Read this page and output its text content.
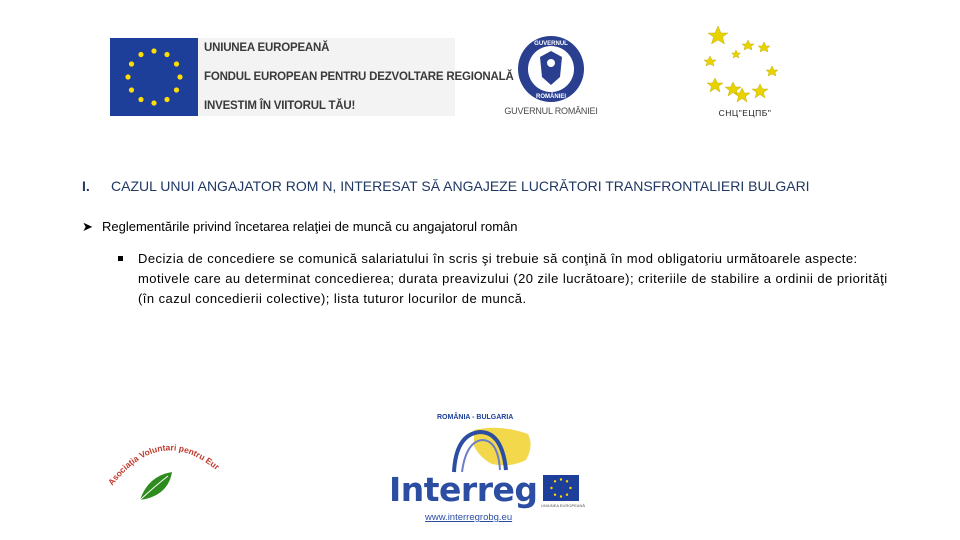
UNIUNEA EUROPEANĂ
FONDUL EUROPEAN PENTRU DEZVOLTARE REGIONALĂ
INVESTIM ÎN VIITORUL TĂU!
GUVERNUL
ROMÂNIEI
GUVERNUL ROMÂNIEI	СНЦ"ЕЦПБ"
I. CAZUL UNUI ANGAJATOR ROM N, INTERESAT SĂ ANGAJEZE LUCRĂTORI TRANSFRONTALIERI BULGARI
➤ Reglementările privind încetarea relaţiei de muncă cu angajatorul român
Decizia de concediere se comunică salariatului în scris şi trebuie să conţină în mod obligatoriu următoarele aspecte: motivele care au determinat concedierea; durata preavizului (20 zile lucrătoare); criteriile de stabilire a ordinii de priorităţi (în cazul concedierii colective); lista tuturor locurilor de muncă.
Asociaţia Voluntari pentru Eur
ROMÂNIA - BULGARIA
Interreg UNIUNEA EUROPEANĂ
www.interregrobg.eu
